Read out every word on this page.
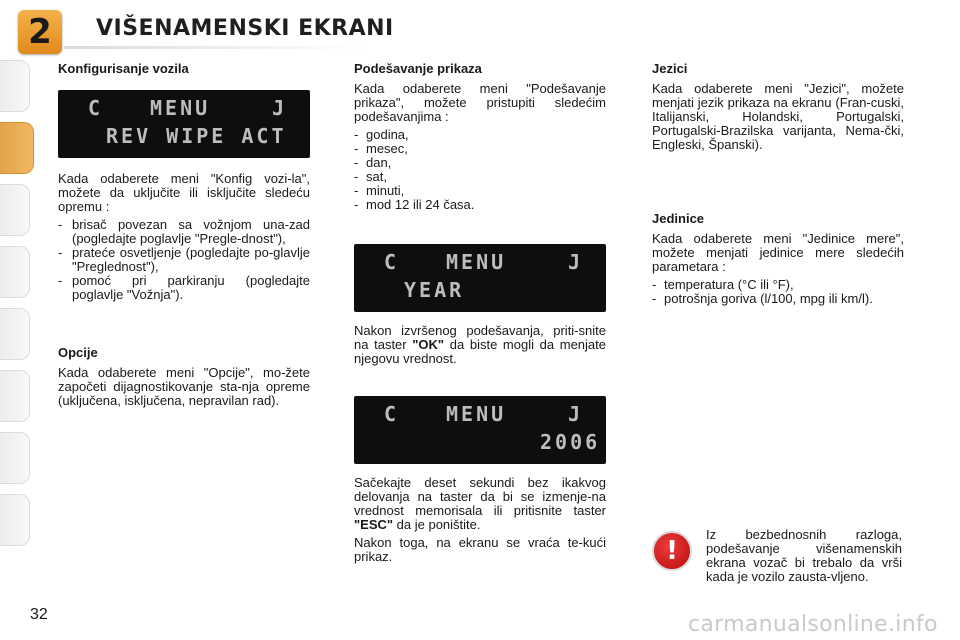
2	VIŠENAMENSKI EKRANI
Konfigurisanje vozila
C MENU	J
REV WIPE ACT
Kada odaberete meni "Konfig vozi-la", možete da uključite ili isključite sledeću opremu :
- brisač povezan sa vožnjom una-zad (pogledajte poglavlje "Pregle-dnost"),
- prateće osvetljenje (pogledajte po-glavlje "Preglednost"),
- pomoć pri parkiranju (pogledajte poglavlje "Vožnja").
Opcije
Kada odaberete meni "Opcije", mo-žete započeti dijagnostikovanje sta-nja opreme (uključena, isključena, nepravilan rad).
Podešavanje prikaza
Kada odaberete meni "Podešavanje prikaza", možete pristupiti sledećim podešavanjima :
- godina,
- mesec,
- dan,
- sat,
- minuti,
- mod 12 ili 24 časa.
C MENU	J
YEAR
Nakon izvršenog podešavanja, priti-snite na taster "OK" da biste mogli da menjate njegovu vrednost.
C MENU	J
2006
Sačekajte deset sekundi bez ikakvog delovanja na taster da bi se izmenje-na vrednost memorisala ili pritisnite taster "ESC" da je poništite.
Nakon toga, na ekranu se vraća te-kući prikaz.
Jezici
Kada odaberete meni "Jezici", možete menjati jezik prikaza na ekranu (Fran-cuski, Italijanski, Holandski, Portugalski, Portugalski-Brazilska varijanta, Nema-čki, Engleski, Španski).
Jedinice
Kada odaberete meni "Jedinice mere", možete menjati jedinice mere sledećih parametara :
- temperatura (°C ili °F),
- potrošnja goriva (l/100, mpg ili km/l).
!
Iz bezbednosnih razloga, podešavanje višenamenskih ekrana vozač bi trebalo da vrši kada je vozilo zausta-vljeno.
32	carmanualsonline.info
